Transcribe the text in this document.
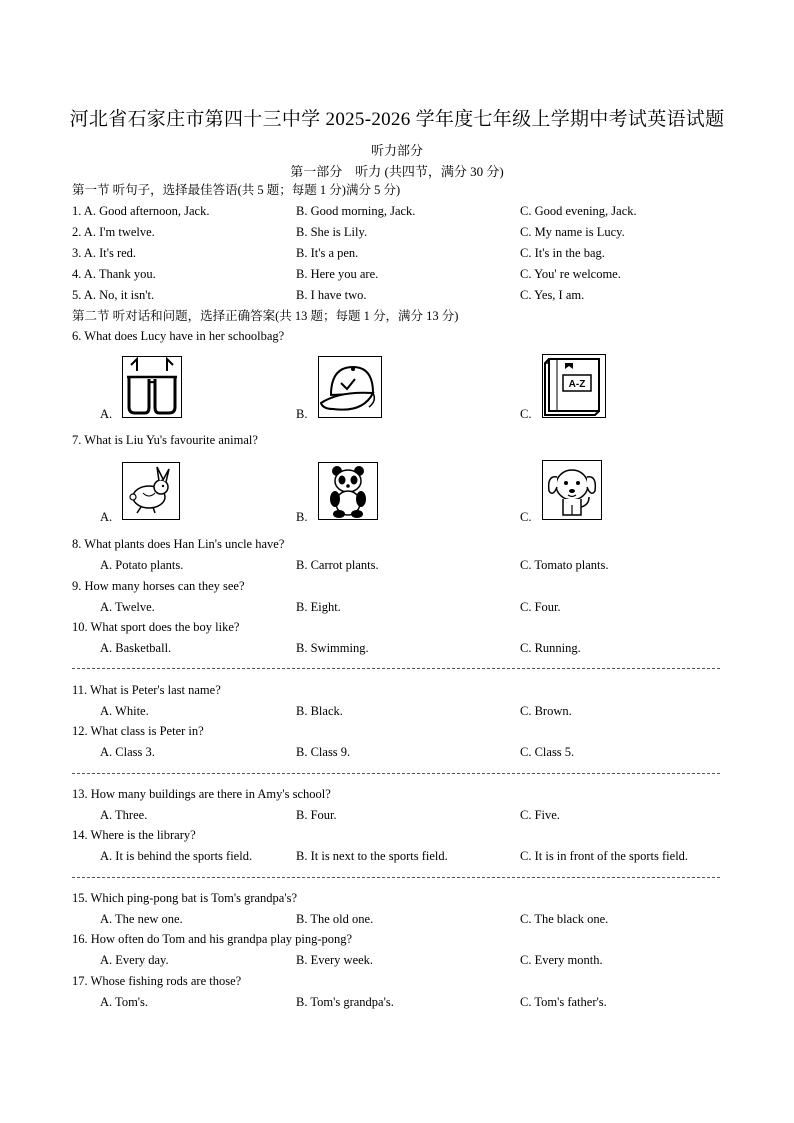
河北省石家庄市第四十三中学 2025-2026 学年度七年级上学期中考试英语试题
听力部分
第一部分　听力 (共四节，满分 30 分)
第一节 听句子，选择最佳答语(共 5 题；每题 1 分)满分 5 分)
1. A. Good afternoon, Jack.	B. Good morning, Jack.	C. Good evening, Jack.
2. A. I'm twelve.	B. She is Lily.	C. My name is Lucy.
3. A. It's red.	B. It's a pen.	C. It's in the bag.
4. A. Thank you.	B. Here you are.	C. You' re welcome.
5. A. No, it isn't.	B. I have two.	C. Yes, I am.
第二节 听对话和问题，选择正确答案(共 13 题；每题 1 分，满分 13 分)
6. What does Lucy have in her schoolbag?
A.	B.	C.
A-Z
7. What is Liu Yu's favourite animal?
A.	B.	C.
8. What plants does Han Lin's uncle have?
A. Potato plants.	B. Carrot plants.	C. Tomato plants.
9. How many horses can they see?
A. Twelve.	B. Eight.	C. Four.
10. What sport does the boy like?
A. Basketball.	B. Swimming.	C. Running.
11. What is Peter's last name?
A. White.	B. Black.	C. Brown.
12. What class is Peter in?
A. Class 3.	B. Class 9.	C. Class 5.
13. How many buildings are there in Amy's school?
A. Three.	B. Four.	C. Five.
14. Where is the library?
A. It is behind the sports field.	B. It is next to the sports field.	C. It is in front of the sports field.
15. Which ping-pong bat is Tom's grandpa's?
A. The new one.	B. The old one.	C. The black one.
16. How often do Tom and his grandpa play ping-pong?
A. Every day.	B. Every week.	C. Every month.
17. Whose fishing rods are those?
A. Tom's.	B. Tom's grandpa's.	C. Tom's father's.
